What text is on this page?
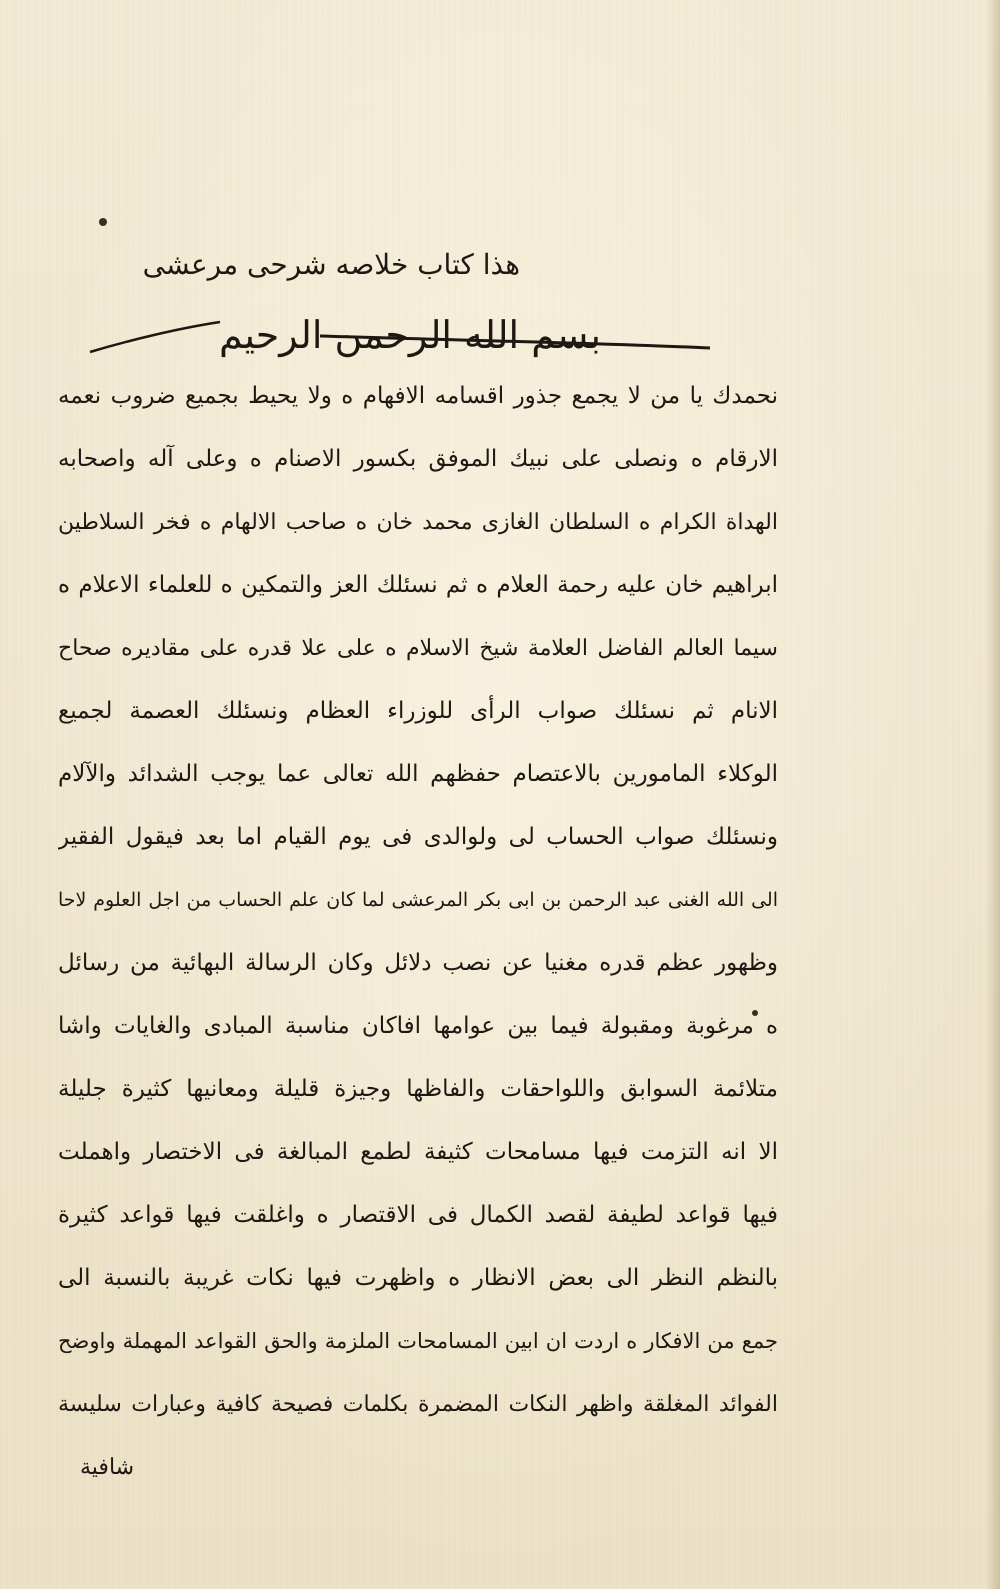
هذا كتاب خلاصه شرحى مرعشى
بسم الله الرحمن الرحيم
نحمدك يا من لا يجمع جذور اقسامه الافهام ه ولا يحيط بجميع ضروب نعمه
الارقام ه ونصلى على نبيك الموفق بكسور الاصنام ه وعلى آله واصحابه
الهداة الكرام ه السلطان الغازى محمد خان ه صاحب الالهام ه فخر السلاطين
ابراهيم خان عليه رحمة العلام ه ثم نسئلك العز والتمكين ه للعلماء الاعلام ه
سيما العالم الفاضل العلامة شيخ الاسلام ه على علا قدره على مقاديره صحاح
الانام ثم نسئلك صواب الرأى للوزراء العظام ونسئلك العصمة لجميع
الوكلاء المامورين بالاعتصام حفظهم الله تعالى عما يوجب الشدائد والآلام
ونسئلك صواب الحساب لى ولوالدى فى يوم القيام اما بعد فيقول الفقير
الى الله الغنى عبد الرحمن بن ابى بكر المرعشى لما كان علم الحساب من اجل العلوم لاحا
وظهور عظم قدره مغنيا عن نصب دلائل وكان الرسالة البهائية من رسائل
ه مرغوبة ومقبولة فيما بين عوامها افاكان مناسبة المبادى والغايات واشا
متلائمة السوابق واللواحقات والفاظها وجيزة قليلة ومعانيها كثيرة جليلة
الا انه التزمت فيها مسامحات كثيفة لطمع المبالغة فى الاختصار واهملت
فيها قواعد لطيفة لقصد الكمال فى الاقتصار ه واغلقت فيها قواعد كثيرة
بالنظم النظر الى بعض الانظار ه واظهرت فيها نكات غريبة بالنسبة الى
جمع من الافكار ه اردت ان ابين المسامحات الملزمة والحق القواعد المهملة واوضح
الفوائد المغلقة واظهر النكات المضمرة بكلمات فصيحة كافية وعبارات سليسة
شافية
